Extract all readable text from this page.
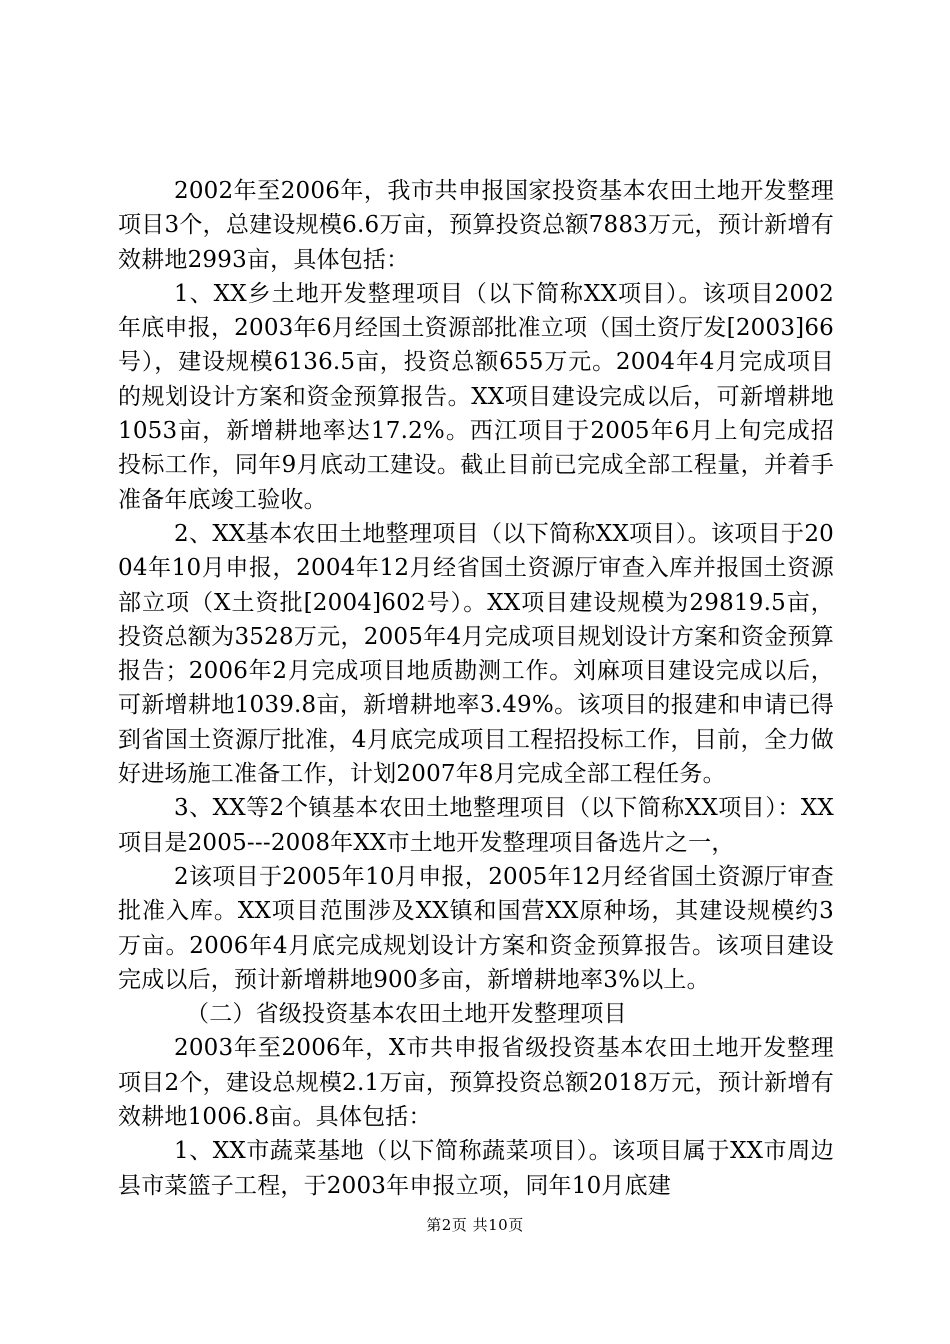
2002年至2006年，我市共申报国家投资基本农田土地开发整理项目3个，总建设规模6.6万亩，预算投资总额7883万元，预计新增有效耕地2993亩，具体包括：

1、XX乡土地开发整理项目（以下简称XX项目）。该项目2002年底申报，2003年6月经国土资源部批准立项（国土资厅发[2003]66号），建设规模6136.5亩，投资总额655万元。2004年4月完成项目的规划设计方案和资金预算报告。XX项目建设完成以后，可新增耕地1053亩，新增耕地率达17.2%。西江项目于2005年6月上旬完成招投标工作，同年9月底动工建设。截止目前已完成全部工程量，并着手准备年底竣工验收。

2、XX基本农田土地整理项目（以下简称XX项目）。该项目于2004年10月申报，2004年12月经省国土资源厅审查入库并报国土资源部立项（X土资批[2004]602号）。XX项目建设规模为29819.5亩，投资总额为3528万元，2005年4月完成项目规划设计方案和资金预算报告；2006年2月完成项目地质勘测工作。刘麻项目建设完成以后，可新增耕地1039.8亩，新增耕地率3.49%。该项目的报建和申请已得到省国土资源厅批准，4月底完成项目工程招投标工作，目前，全力做好进场施工准备工作，计划2007年8月完成全部工程任务。

3、XX等2个镇基本农田土地整理项目（以下简称XX项目）：XX项目是2005---2008年XX市土地开发整理项目备选片之一，

2该项目于2005年10月申报，2005年12月经省国土资源厅审查批准入库。XX项目范围涉及XX镇和国营XX原种场，其建设规模约3万亩。2006年4月底完成规划设计方案和资金预算报告。该项目建设完成以后，预计新增耕地900多亩，新增耕地率3%以上。

（二）省级投资基本农田土地开发整理项目

2003年至2006年，X市共申报省级投资基本农田土地开发整理项目2个，建设总规模2.1万亩，预算投资总额2018万元，预计新增有效耕地1006.8亩。具体包括：

1、XX市蔬菜基地（以下简称蔬菜项目）。该项目属于XX市周边县市菜篮子工程，于2003年申报立项，同年10月底建

第2页 共10页
